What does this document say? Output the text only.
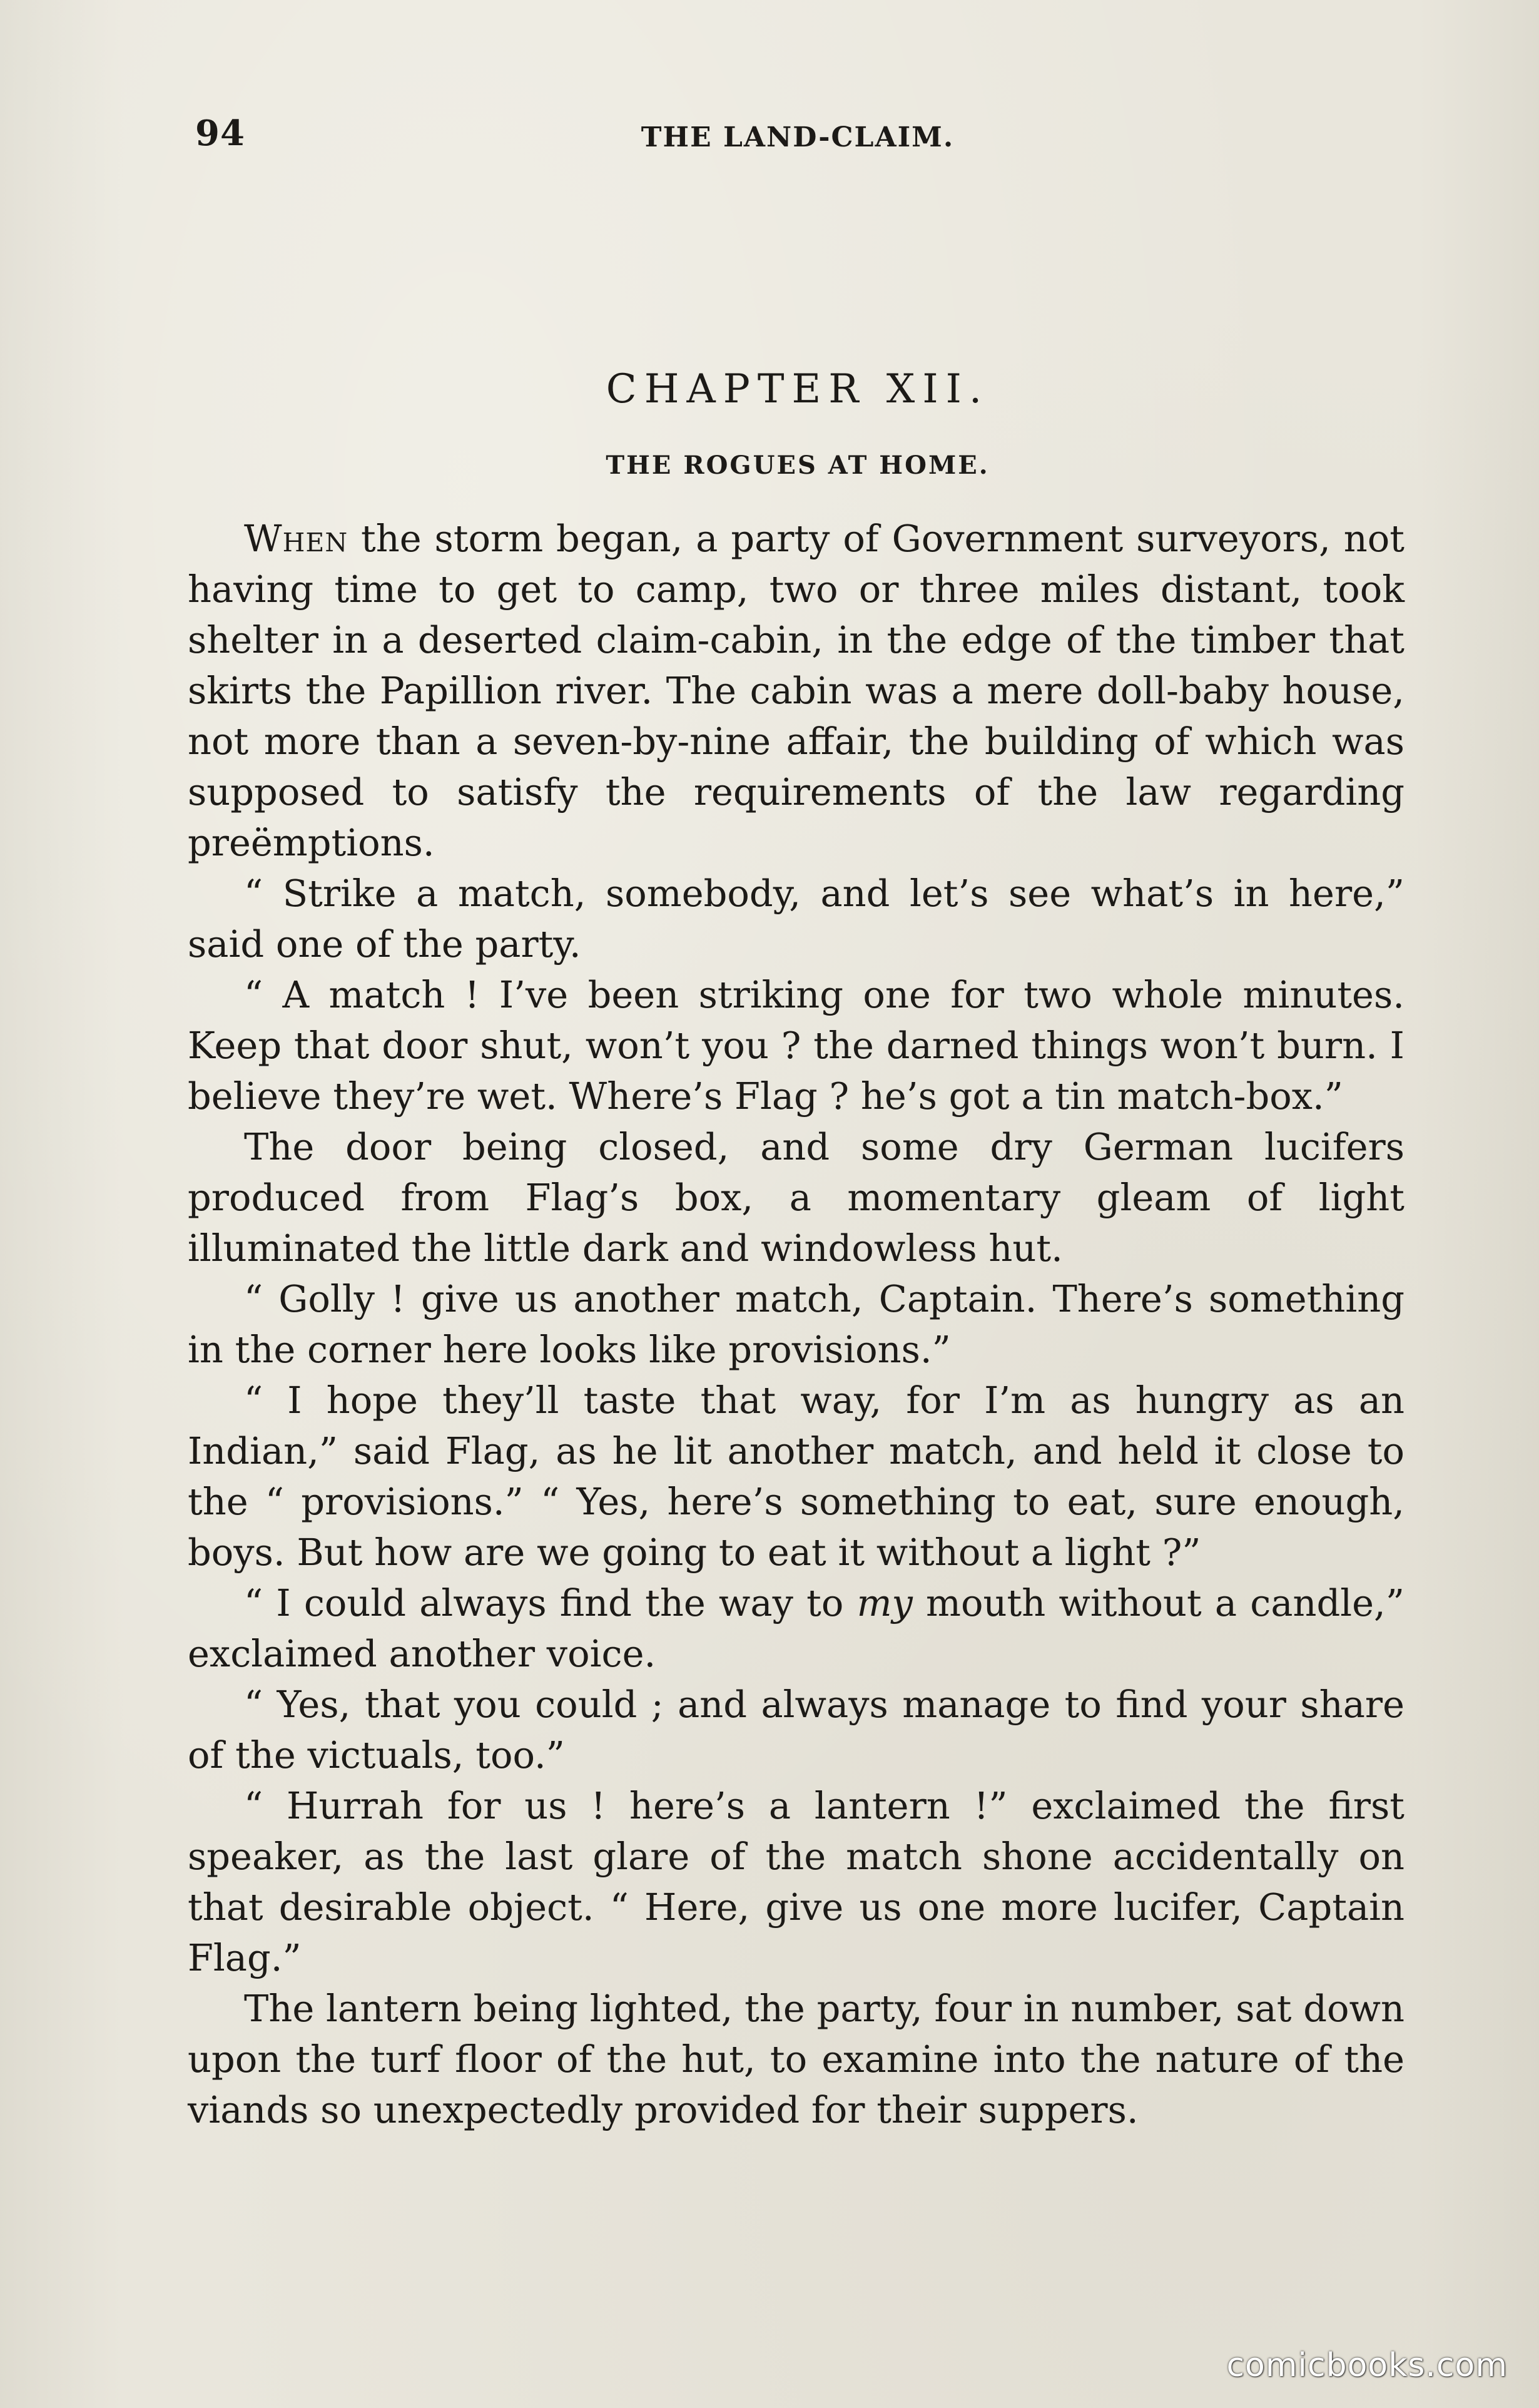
94	THE LAND-CLAIM.
CHAPTER XII.
THE ROGUES AT HOME.

When the storm began, a party of Government surveyors, not having time to get to camp, two or three miles distant, took shelter in a deserted claim-cabin, in the edge of the timber that skirts the Papillion river. The cabin was a mere doll-baby house, not more than a seven-by-nine affair, the building of which was supposed to satisfy the requirements of the law regarding preëmptions.

“ Strike a match, somebody, and let’s see what’s in here,” said one of the party.

“ A match ! I’ve been striking one for two whole minutes. Keep that door shut, won’t you ? the darned things won’t burn. I believe they’re wet. Where’s Flag ? he’s got a tin match-box.”

The door being closed, and some dry German lucifers produced from Flag’s box, a momentary gleam of light illuminated the little dark and windowless hut.

“ Golly ! give us another match, Captain. There’s something in the corner here looks like provisions.”

“ I hope they’ll taste that way, for I’m as hungry as an Indian,” said Flag, as he lit another match, and held it close to the “ provisions.” “ Yes, here’s something to eat, sure enough, boys. But how are we going to eat it without a light ?”

“ I could always find the way to my mouth without a candle,” exclaimed another voice.

“ Yes, that you could ; and always manage to find your share of the victuals, too.”

“ Hurrah for us ! here’s a lantern !” exclaimed the first speaker, as the last glare of the match shone accidentally on that desirable object. “ Here, give us one more lucifer, Captain Flag.”

The lantern being lighted, the party, four in number, sat down upon the turf floor of the hut, to examine into the nature of the viands so unexpectedly provided for their suppers.

comicbooks.com
